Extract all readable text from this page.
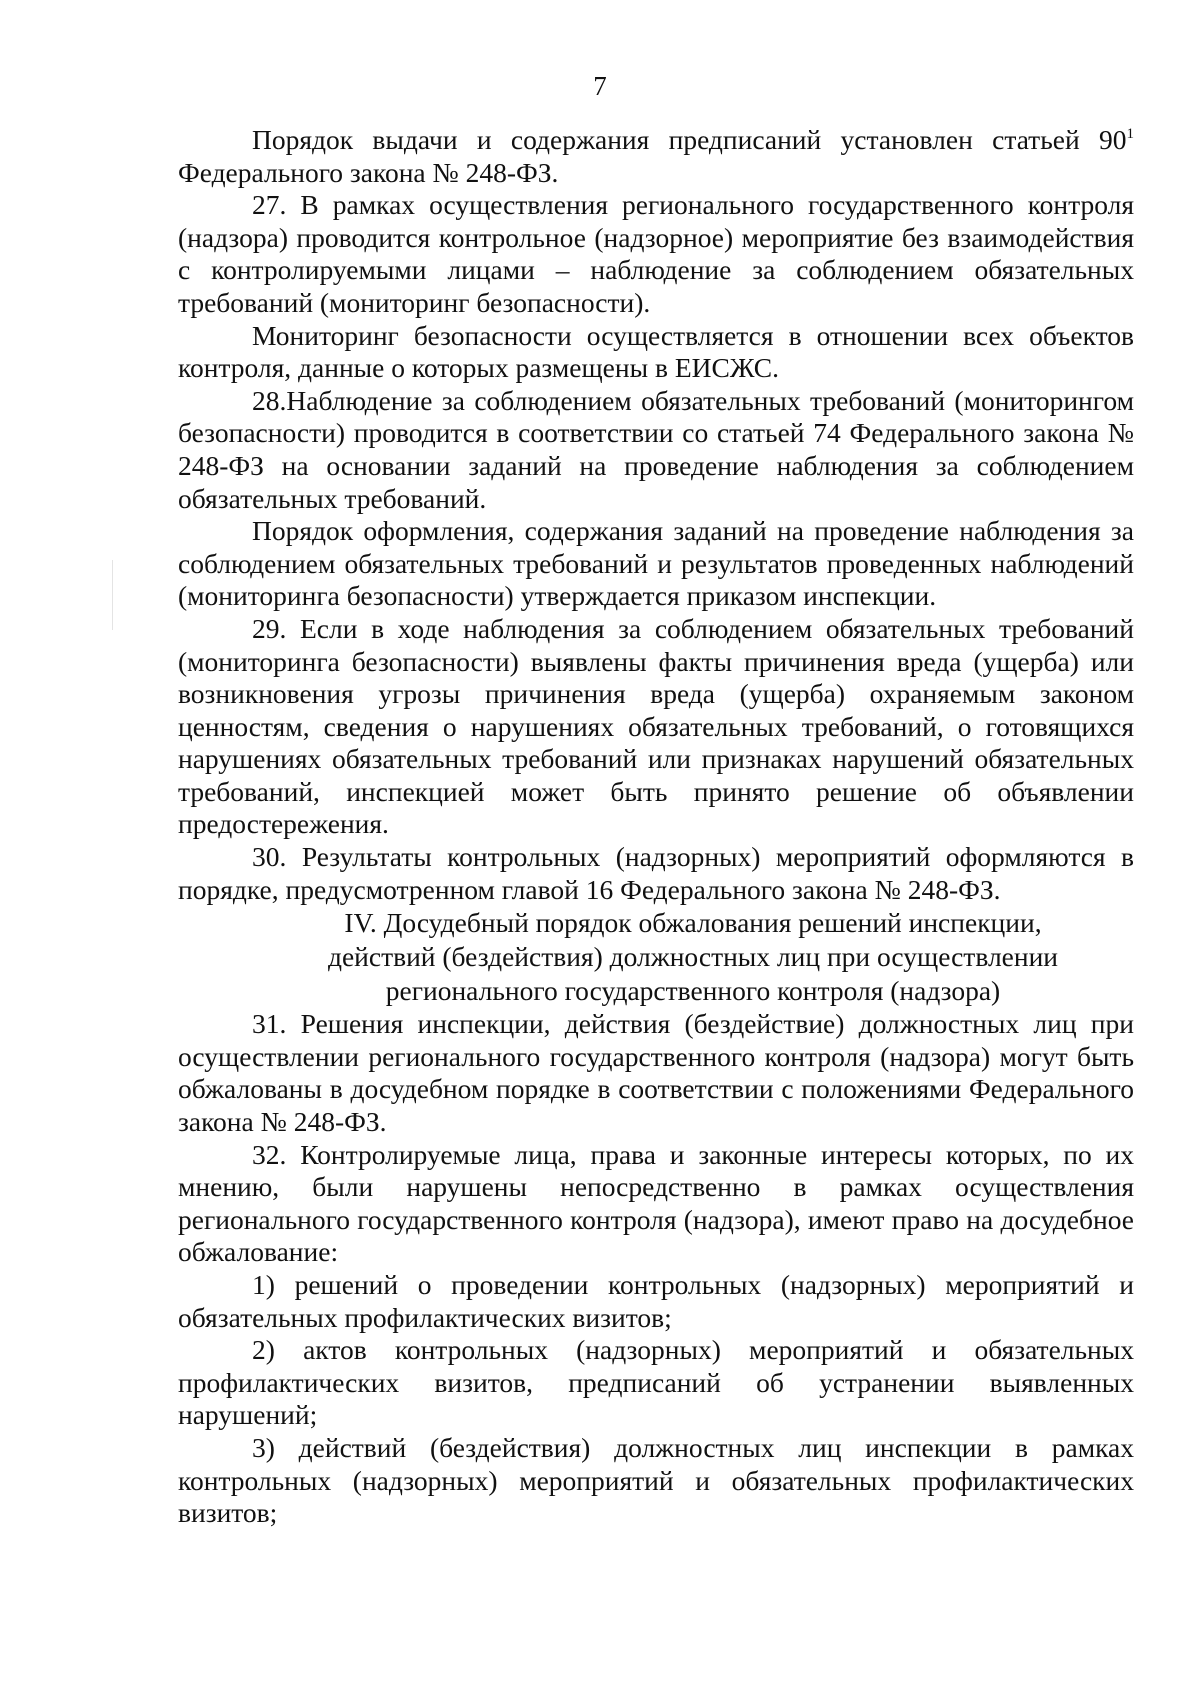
7

Порядок выдачи и содержания предписаний установлен статьей $90^1$ Федерального закона № 248-ФЗ.

27. В рамках осуществления регионального государственного контроля (надзора) проводится контрольное (надзорное) мероприятие без взаимодействия с контролируемыми лицами – наблюдение за соблюдением обязательных требований (мониторинг безопасности).

Мониторинг безопасности осуществляется в отношении всех объектов контроля, данные о которых размещены в ЕИСЖС.

28.Наблюдение за соблюдением обязательных требований (мониторингом безопасности) проводится в соответствии со статьей 74 Федерального закона № 248-ФЗ на основании заданий на проведение наблюдения за соблюдением обязательных требований.

Порядок оформления, содержания заданий на проведение наблюдения за соблюдением обязательных требований и результатов проведенных наблюдений (мониторинга безопасности) утверждается приказом инспекции.

29. Если в ходе наблюдения за соблюдением обязательных требований (мониторинга безопасности) выявлены факты причинения вреда (ущерба) или возникновения угрозы причинения вреда (ущерба) охраняемым законом ценностям, сведения о нарушениях обязательных требований, о готовящихся нарушениях обязательных требований или признаках нарушений обязательных требований, инспекцией может быть принято решение об объявлении предостережения.

30. Результаты контрольных (надзорных) мероприятий оформляются в порядке, предусмотренном главой 16 Федерального закона № 248-ФЗ.

IV. Досудебный порядок обжалования решений инспекции,
действий (бездействия) должностных лиц при осуществлении
регионального государственного контроля (надзора)

31. Решения инспекции, действия (бездействие) должностных лиц при осуществлении регионального государственного контроля (надзора) могут быть обжалованы в досудебном порядке в соответствии с положениями Федерального закона № 248-ФЗ.

32. Контролируемые лица, права и законные интересы которых, по их мнению, были нарушены непосредственно в рамках осуществления регионального государственного контроля (надзора), имеют право на досудебное обжалование:

1) решений о проведении контрольных (надзорных) мероприятий и обязательных профилактических визитов;

2) актов контрольных (надзорных) мероприятий и обязательных профилактических визитов, предписаний об устранении выявленных нарушений;

3) действий (бездействия) должностных лиц инспекции в рамках контрольных (надзорных) мероприятий и обязательных профилактических визитов;
